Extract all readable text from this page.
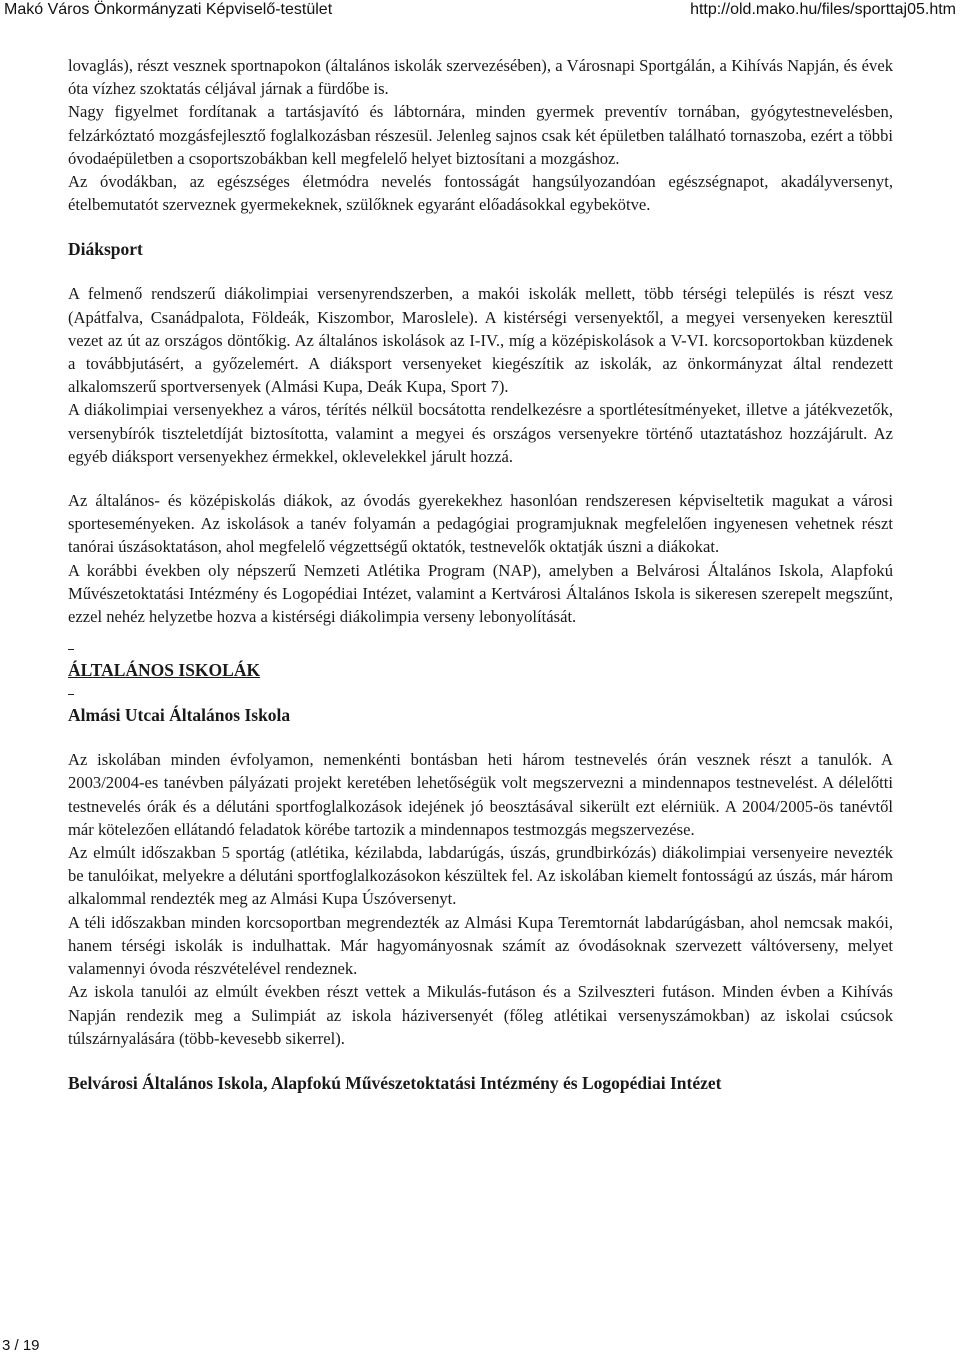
Makó Város Önkormányzati Képviselő-testület	http://old.mako.hu/files/sporttaj05.htm

lovaglás), részt vesznek sportnapokon (általános iskolák szervezésében), a Városnapi Sportgálán, a Kihívás Napján, és évek óta vízhez szoktatás céljával járnak a fürdőbe is.

Nagy figyelmet fordítanak a tartásjavító és lábtornára, minden gyermek preventív tornában, gyógytestnevelésben, felzárkóztató mozgásfejlesztő foglalkozásban részesül. Jelenleg sajnos csak két épületben található tornaszoba, ezért a többi óvodaépületben a csoportszobákban kell megfelelő helyet biztosítani a mozgáshoz.

Az óvodákban, az egészséges életmódra nevelés fontosságát hangsúlyozandóan egészségnapot, akadályversenyt, ételbemutatót szerveznek gyermekeknek, szülőknek egyaránt előadásokkal egybekötve.

Diáksport

A felmenő rendszerű diákolimpiai versenyrendszerben, a makói iskolák mellett, több térségi település is részt vesz (Apátfalva, Csanádpalota, Földeák, Kiszombor, Maroslele). A kistérségi versenyektől, a megyei versenyeken keresztül vezet az út az országos döntőkig. Az általános iskolások az I-IV., míg a középiskolások a V-VI. korcsoportokban küzdenek a továbbjutásért, a győzelemért. A diáksport versenyeket kiegészítik az iskolák, az önkormányzat által rendezett alkalomszerű sportversenyek (Almási Kupa, Deák Kupa, Sport 7).

A diákolimpiai versenyekhez a város, térítés nélkül bocsátotta rendelkezésre a sportlétesítményeket, illetve a játékvezetők, versenybírók tiszteletdíját biztosította, valamint a megyei és országos versenyekre történő utaztatáshoz hozzájárult. Az egyéb diáksport versenyekhez érmekkel, oklevelekkel járult hozzá.

Az általános- és középiskolás diákok, az óvodás gyerekekhez hasonlóan rendszeresen képviseltetik magukat a városi sporteseményeken. Az iskolások a tanév folyamán a pedagógiai programjuknak megfelelően ingyenesen vehetnek részt tanórai úszásoktatáson, ahol megfelelő végzettségű oktatók, testnevelők oktatják úszni a diákokat.

A korábbi években oly népszerű Nemzeti Atlétika Program (NAP), amelyben a Belvárosi Általános Iskola, Alapfokú Művészetoktatási Intézmény és Logopédiai Intézet, valamint a Kertvárosi Általános Iskola is sikeresen szerepelt megszűnt, ezzel nehéz helyzetbe hozva a kistérségi diákolimpia verseny lebonyolítását.

ÁLTALÁNOS ISKOLÁK
Almási Utcai Általános Iskola

Az iskolában minden évfolyamon, nemenkénti bontásban heti három testnevelés órán vesznek részt a tanulók. A 2003/2004-es tanévben pályázati projekt keretében lehetőségük volt megszervezni a mindennapos testnevelést. A délelőtti testnevelés órák és a délutáni sportfoglalkozások idejének jó beosztásával sikerült ezt elérniük. A 2004/2005-ös tanévtől már kötelezően ellátandó feladatok körébe tartozik a mindennapos testmozgás megszervezése.

Az elmúlt időszakban 5 sportág (atlétika, kézilabda, labdarúgás, úszás, grundbirkózás) diákolimpiai versenyeire nevezték be tanulóikat, melyekre a délutáni sportfoglalkozásokon készültek fel. Az iskolában kiemelt fontosságú az úszás, már három alkalommal rendezték meg az Almási Kupa Úszóversenyt.

A téli időszakban minden korcsoportban megrendezték az Almási Kupa Teremtornát labdarúgásban, ahol nemcsak makói, hanem térségi iskolák is indulhattak. Már hagyományosnak számít az óvodásoknak szervezett váltóverseny, melyet valamennyi óvoda részvételével rendeznek.

Az iskola tanulói az elmúlt években részt vettek a Mikulás-futáson és a Szilveszteri futáson. Minden évben a Kihívás Napján rendezik meg a Sulimpiát az iskola háziversenyét (főleg atlétikai versenyszámokban) az iskolai csúcsok túlszárnyalására (több-kevesebb sikerrel).

Belvárosi Általános Iskola, Alapfokú Művészetoktatási Intézmény és Logopédiai Intézet
3 / 19
